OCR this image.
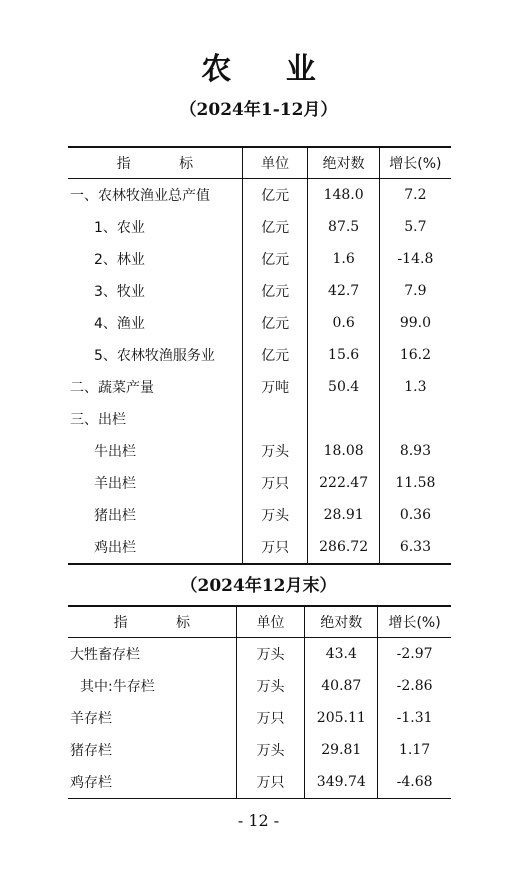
农 业
（2024年1-12月）
指 标	单位	绝对数	增长(%)
一、农林牧渔业总产值	亿元	148.0	7.2
1、农业	亿元	87.5	5.7
2、林业	亿元	1.6	-14.8
3、牧业	亿元	42.7	7.9
4、渔业	亿元	0.6	99.0
5、农林牧渔服务业	亿元	15.6	16.2
二、蔬菜产量	万吨	50.4	1.3
三、出栏			
牛出栏	万头	18.08	8.93
羊出栏	万只	222.47	11.58
猪出栏	万头	28.91	0.36
鸡出栏	万只	286.72	6.33
（2024年12月末）
指 标	单位	绝对数	增长(%)
大牲畜存栏	万头	43.4	-2.97
其中:牛存栏	万头	40.87	-2.86
羊存栏	万只	205.11	-1.31
猪存栏	万头	29.81	1.17
鸡存栏	万只	349.74	-4.68
- 12 -
